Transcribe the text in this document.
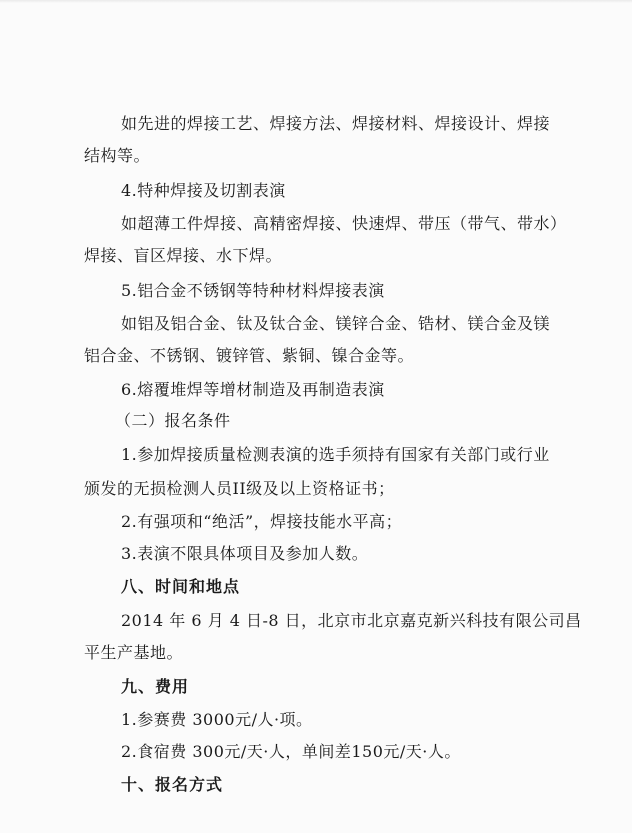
如先进的焊接工艺、焊接方法、焊接材料、焊接设计、焊接
结构等。
4.特种焊接及切割表演
如超薄工件焊接、高精密焊接、快速焊、带压（带气、带水）
焊接、盲区焊接、水下焊。
5.铝合金不锈钢等特种材料焊接表演
如铝及铝合金、钛及钛合金、镁锌合金、锆材、镁合金及镁
铝合金、不锈钢、镀锌管、紫铜、镍合金等。
6.熔覆堆焊等增材制造及再制造表演
（二）报名条件
1.参加焊接质量检测表演的选手须持有国家有关部门或行业
颁发的无损检测人员II级及以上资格证书；
2.有强项和“绝活”，焊接技能水平高；
3.表演不限具体项目及参加人数。
八、时间和地点
2014 年 6 月 4 日-8 日，北京市北京嘉克新兴科技有限公司昌
平生产基地。
九、费用
1.参赛费 3000元/人·项。
2.食宿费 300元/天·人，单间差150元/天·人。
十、报名方式
